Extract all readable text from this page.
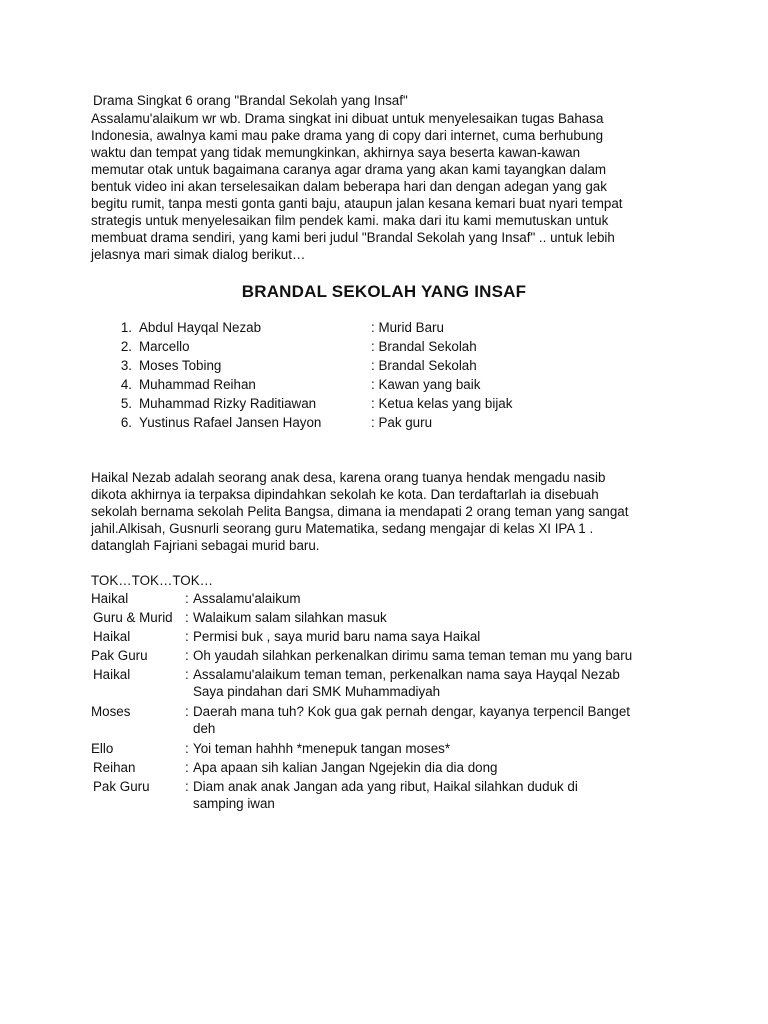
Drama Singkat 6 orang "Brandal Sekolah yang Insaf"
Assalamu'alaikum wr wb. Drama singkat ini dibuat untuk menyelesaikan tugas Bahasa
Indonesia, awalnya kami mau pake drama yang di copy dari internet, cuma berhubung
waktu dan tempat yang tidak memungkinkan, akhirnya saya beserta kawan-kawan
memutar otak untuk bagaimana caranya agar drama yang akan kami tayangkan dalam
bentuk video ini akan terselesaikan dalam beberapa hari dan dengan adegan yang gak
begitu rumit, tanpa mesti gonta ganti baju, ataupun jalan kesana kemari buat nyari tempat
strategis untuk menyelesaikan film pendek kami. maka dari itu kami memutuskan untuk
membuat drama sendiri, yang kami beri judul "Brandal Sekolah yang Insaf" .. untuk lebih
jelasnya mari simak dialog berikut…
BRANDAL SEKOLAH YANG INSAF
1. Abdul Hayqal Nezab	: Murid Baru
2. Marcello	: Brandal Sekolah
3. Moses Tobing	: Brandal Sekolah
4. Muhammad Reihan	: Kawan yang baik
5. Muhammad Rizky Raditiawan	: Ketua kelas yang bijak
6. Yustinus Rafael Jansen Hayon	: Pak guru
Haikal Nezab adalah seorang anak desa, karena orang tuanya hendak mengadu nasib
dikota akhirnya ia terpaksa dipindahkan sekolah ke kota. Dan terdaftarlah ia disebuah
sekolah bernama sekolah Pelita Bangsa, dimana ia mendapati 2 orang teman yang sangat
jahil.Alkisah, Gusnurli seorang guru Matematika, sedang mengajar di kelas XI IPA 1 .
datanglah Fajriani sebagai murid baru.
TOK…TOK…TOK…
Haikal	: Assalamu'alaikum
Guru & Murid : Walaikum salam silahkan masuk
Haikal	: Permisi buk , saya murid baru nama saya Haikal
Pak Guru	: Oh yaudah silahkan perkenalkan dirimu sama teman teman mu yang baru
Haikal	: Assalamu'alaikum teman teman, perkenalkan nama saya Hayqal Nezab
Saya pindahan dari SMK Muhammadiyah
Moses	: Daerah mana tuh? Kok gua gak pernah dengar, kayanya terpencil Banget
deh
Ello	: Yoi teman hahhh *menepuk tangan moses*
Reihan	: Apa apaan sih kalian Jangan Ngejekin dia dia dong
Pak Guru	: Diam anak anak Jangan ada yang ribut, Haikal silahkan duduk di
samping iwan
